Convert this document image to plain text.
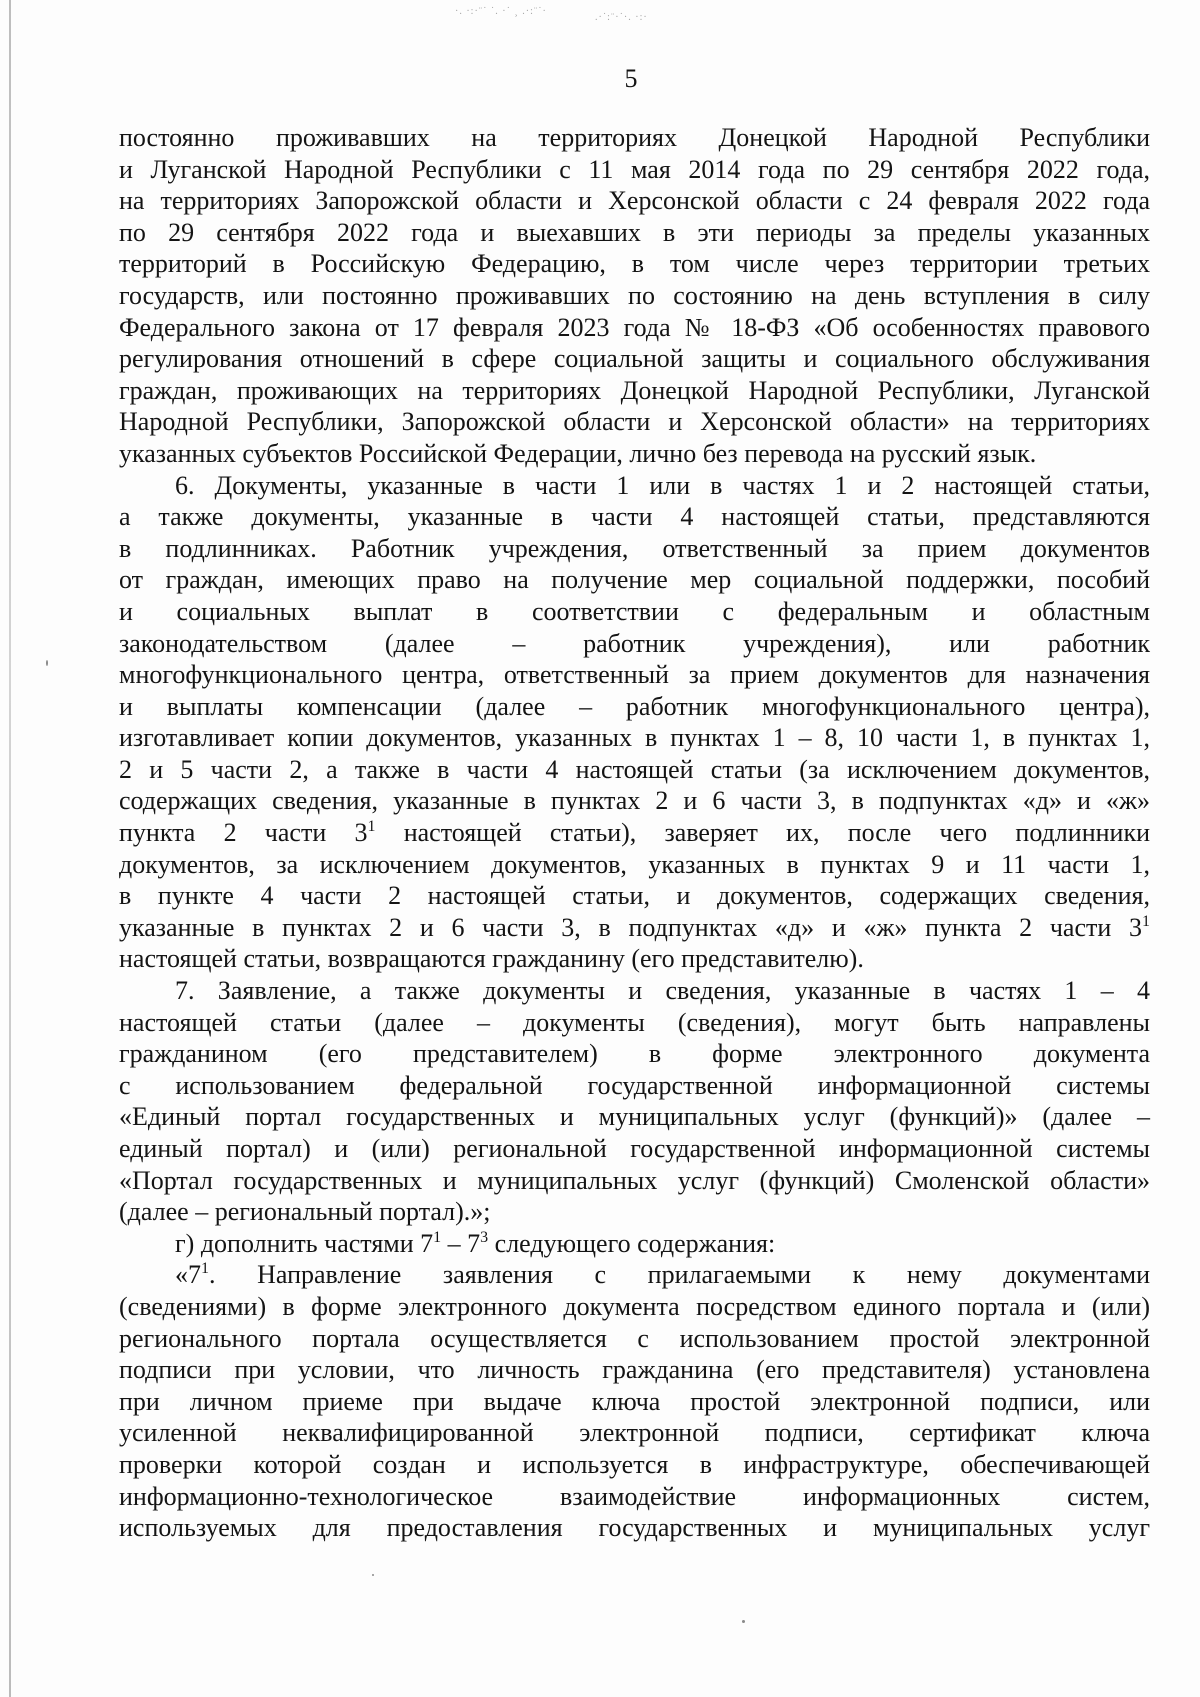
·. ·:·¨˙ ˙. ·˙ ¸ .·:¨˙·
.·˙:¨·˙·. ·:·
5
постоянно проживавших на территориях Донецкой Народной Республики
и Луганской Народной Республики с 11 мая 2014 года по 29 сентября 2022 года,
на территориях Запорожской области и Херсонской области с 24 февраля 2022 года
по 29 сентября 2022 года и выехавших в эти периоды за пределы указанных
территорий в Российскую Федерацию, в том числе через территории третьих
государств, или постоянно проживавших по состоянию на день вступления в силу
Федерального закона от 17 февраля 2023 года № 18-ФЗ «Об особенностях правового
регулирования отношений в сфере социальной защиты и социального обслуживания
граждан, проживающих на территориях Донецкой Народной Республики, Луганской
Народной Республики, Запорожской области и Херсонской области» на территориях
указанных субъектов Российской Федерации, лично без перевода на русский язык.
6. Документы, указанные в части 1 или в частях 1 и 2 настоящей статьи,
а также документы, указанные в части 4 настоящей статьи, представляются
в подлинниках. Работник учреждения, ответственный за прием документов
от граждан, имеющих право на получение мер социальной поддержки, пособий
и социальных выплат в соответствии с федеральным и областным
законодательством (далее – работник учреждения), или работник
многофункционального центра, ответственный за прием документов для назначения
и выплаты компенсации (далее – работник многофункционального центра),
изготавливает копии документов, указанных в пунктах 1 – 8, 10 части 1, в пунктах 1,
2 и 5 части 2, а также в части 4 настоящей статьи (за исключением документов,
содержащих сведения, указанные в пунктах 2 и 6 части 3, в подпунктах «д» и «ж»
пункта 2 части $3^1$ настоящей статьи), заверяет их, после чего подлинники
документов, за исключением документов, указанных в пунктах 9 и 11 части 1,
в пункте 4 части 2 настоящей статьи, и документов, содержащих сведения,
указанные в пунктах 2 и 6 части 3, в подпунктах «д» и «ж» пункта 2 части $3^1$
настоящей статьи, возвращаются гражданину (его представителю).
7. Заявление, а также документы и сведения, указанные в частях 1 – 4
настоящей статьи (далее – документы (сведения), могут быть направлены
гражданином (его представителем) в форме электронного документа
с использованием федеральной государственной информационной системы
«Единый портал государственных и муниципальных услуг (функций)» (далее –
единый портал) и (или) региональной государственной информационной системы
«Портал государственных и муниципальных услуг (функций) Смоленской области»
(далее – региональный портал).»;
г) дополнить частями $7^1 - 7^3$ следующего содержания:
«$7^1$. Направление заявления с прилагаемыми к нему документами
(сведениями) в форме электронного документа посредством единого портала и (или)
регионального портала осуществляется с использованием простой электронной
подписи при условии, что личность гражданина (его представителя) установлена
при личном приеме при выдаче ключа простой электронной подписи, или
усиленной неквалифицированной электронной подписи, сертификат ключа
проверки которой создан и используется в инфраструктуре, обеспечивающей
информационно-технологическое взаимодействие информационных систем,
используемых для предоставления государственных и муниципальных услуг
